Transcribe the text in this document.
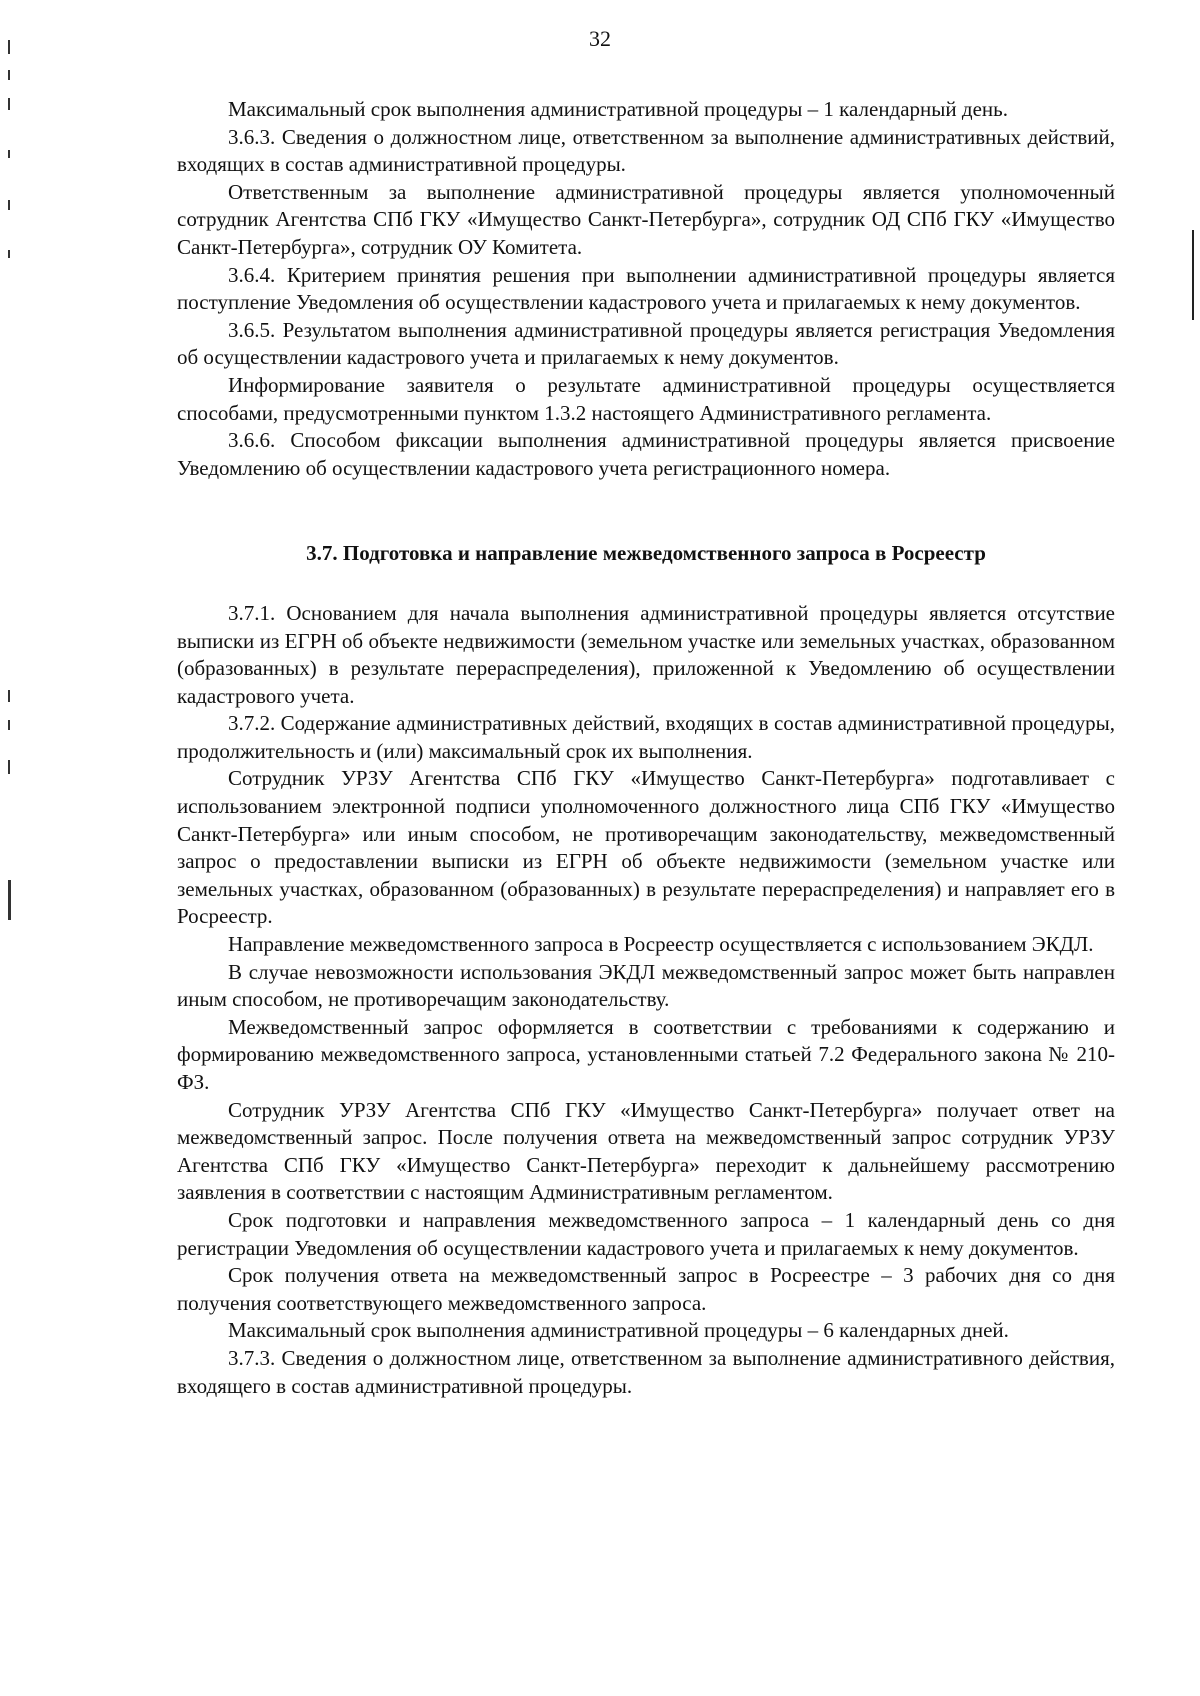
32

Максимальный срок выполнения административной процедуры – 1 календарный день.

3.6.3. Сведения о должностном лице, ответственном за выполнение административных действий, входящих в состав административной процедуры.

Ответственным за выполнение административной процедуры является уполномоченный сотрудник Агентства СПб ГКУ «Имущество Санкт-Петербурга», сотрудник ОД СПб ГКУ «Имущество Санкт-Петербурга», сотрудник ОУ Комитета.

3.6.4. Критерием принятия решения при выполнении административной процедуры является поступление Уведомления об осуществлении кадастрового учета и прилагаемых к нему документов.

3.6.5. Результатом выполнения административной процедуры является регистрация Уведомления об осуществлении кадастрового учета и прилагаемых к нему документов.

Информирование заявителя о результате административной процедуры осуществляется способами, предусмотренными пунктом 1.3.2 настоящего Административного регламента.

3.6.6. Способом фиксации выполнения административной процедуры является присвоение Уведомлению об осуществлении кадастрового учета регистрационного номера.

3.7. Подготовка и направление межведомственного запроса в Росреестр

3.7.1. Основанием для начала выполнения административной процедуры является отсутствие выписки из ЕГРН об объекте недвижимости (земельном участке или земельных участках, образованном (образованных) в результате перераспределения), приложенной к Уведомлению об осуществлении кадастрового учета.

3.7.2. Содержание административных действий, входящих в состав административной процедуры, продолжительность и (или) максимальный срок их выполнения.

Сотрудник УРЗУ Агентства СПб ГКУ «Имущество Санкт-Петербурга» подготавливает с использованием электронной подписи уполномоченного должностного лица СПб ГКУ «Имущество Санкт-Петербурга» или иным способом, не противоречащим законодательству, межведомственный запрос о предоставлении выписки из ЕГРН об объекте недвижимости (земельном участке или земельных участках, образованном (образованных) в результате перераспределения) и направляет его в Росреестр.

Направление межведомственного запроса в Росреестр осуществляется с использованием ЭКДЛ.

В случае невозможности использования ЭКДЛ межведомственный запрос может быть направлен иным способом, не противоречащим законодательству.

Межведомственный запрос оформляется в соответствии с требованиями к содержанию и формированию межведомственного запроса, установленными статьей 7.2 Федерального закона № 210-ФЗ.

Сотрудник УРЗУ Агентства СПб ГКУ «Имущество Санкт-Петербурга» получает ответ на межведомственный запрос. После получения ответа на межведомственный запрос сотрудник УРЗУ Агентства СПб ГКУ «Имущество Санкт-Петербурга» переходит к дальнейшему рассмотрению заявления в соответствии с настоящим Административным регламентом.

Срок подготовки и направления межведомственного запроса – 1 календарный день со дня регистрации Уведомления об осуществлении кадастрового учета и прилагаемых к нему документов.

Срок получения ответа на межведомственный запрос в Росреестре – 3 рабочих дня со дня получения соответствующего межведомственного запроса.

Максимальный срок выполнения административной процедуры – 6 календарных дней.

3.7.3. Сведения о должностном лице, ответственном за выполнение административного действия, входящего в состав административной процедуры.
